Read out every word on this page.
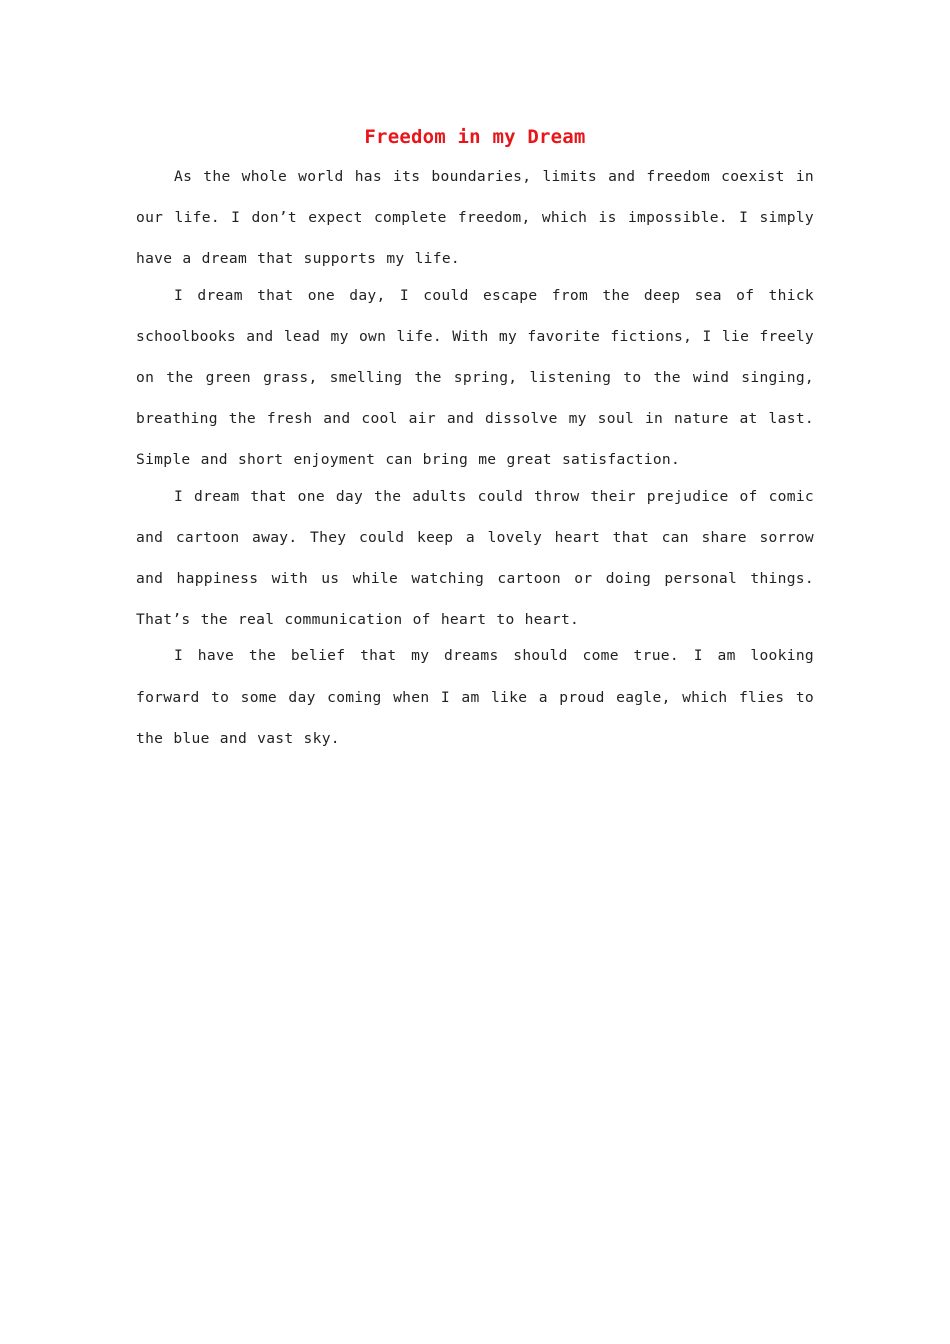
Freedom in my Dream

As the whole world has its boundaries, limits and freedom coexist in our life. I don’t expect complete freedom, which is impossible. I simply have a dream that supports my life.

I dream that one day, I could escape from the deep sea of thick schoolbooks and lead my own life. With my favorite fictions, I lie freely on the green grass, smelling the spring, listening to the wind singing, breathing the fresh and cool air and dissolve my soul in nature at last. Simple and short enjoyment can bring me great satisfaction.

I dream that one day the adults could throw their prejudice of comic and cartoon away. They could keep a lovely heart that can share sorrow and happiness with us while watching cartoon or doing personal things. That’s the real communication of heart to heart.

I have the belief that my dreams should come true. I am looking forward to some day coming when I am like a proud eagle, which flies to the blue and vast sky.
